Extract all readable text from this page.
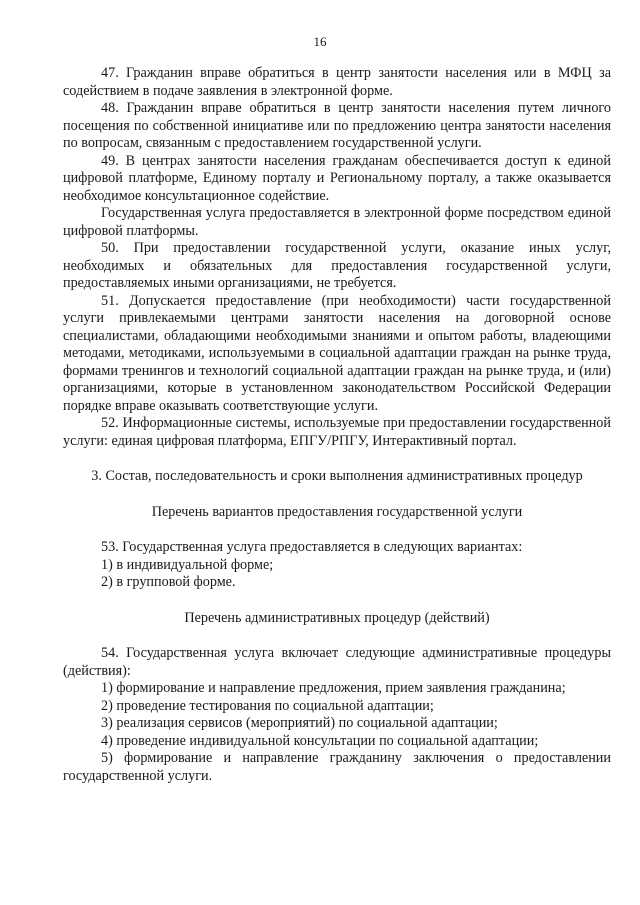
16

47. Гражданин вправе обратиться в центр занятости населения или в МФЦ за содействием в подаче заявления в электронной форме.

48. Гражданин вправе обратиться в центр занятости населения путем личного посещения по собственной инициативе или по предложению центра занятости населения по вопросам, связанным с предоставлением государственной услуги.

49. В центрах занятости населения гражданам обеспечивается доступ к единой цифровой платформе, Единому порталу и Региональному порталу, а также оказывается необходимое консультационное содействие.

Государственная услуга предоставляется в электронной форме посредством единой цифровой платформы.

50. При предоставлении государственной услуги, оказание иных услуг, необходимых и обязательных для предоставления государственной услуги, предоставляемых иными организациями, не требуется.

51. Допускается предоставление (при необходимости) части государственной услуги привлекаемыми центрами занятости населения на договорной основе специалистами, обладающими необходимыми знаниями и опытом работы, владеющими методами, методиками, используемыми в социальной адаптации граждан на рынке труда, формами тренингов и технологий социальной адаптации граждан на рынке труда, и (или) организациями, которые в установленном законодательством Российской Федерации порядке вправе оказывать соответствующие услуги.

52. Информационные системы, используемые при предоставлении государственной услуги: единая цифровая платформа, ЕПГУ/РПГУ, Интерактивный портал.

3. Состав, последовательность и сроки выполнения административных процедур

Перечень вариантов предоставления государственной услуги

53. Государственная услуга предоставляется в следующих вариантах:

1) в индивидуальной форме;

2) в групповой форме.

Перечень административных процедур (действий)

54. Государственная услуга включает следующие административные процедуры (действия):

1) формирование и направление предложения, прием заявления гражданина;

2) проведение тестирования по социальной адаптации;

3) реализация сервисов (мероприятий) по социальной адаптации;

4) проведение индивидуальной консультации по социальной адаптации;

5) формирование и направление гражданину заключения о предоставлении государственной услуги.
